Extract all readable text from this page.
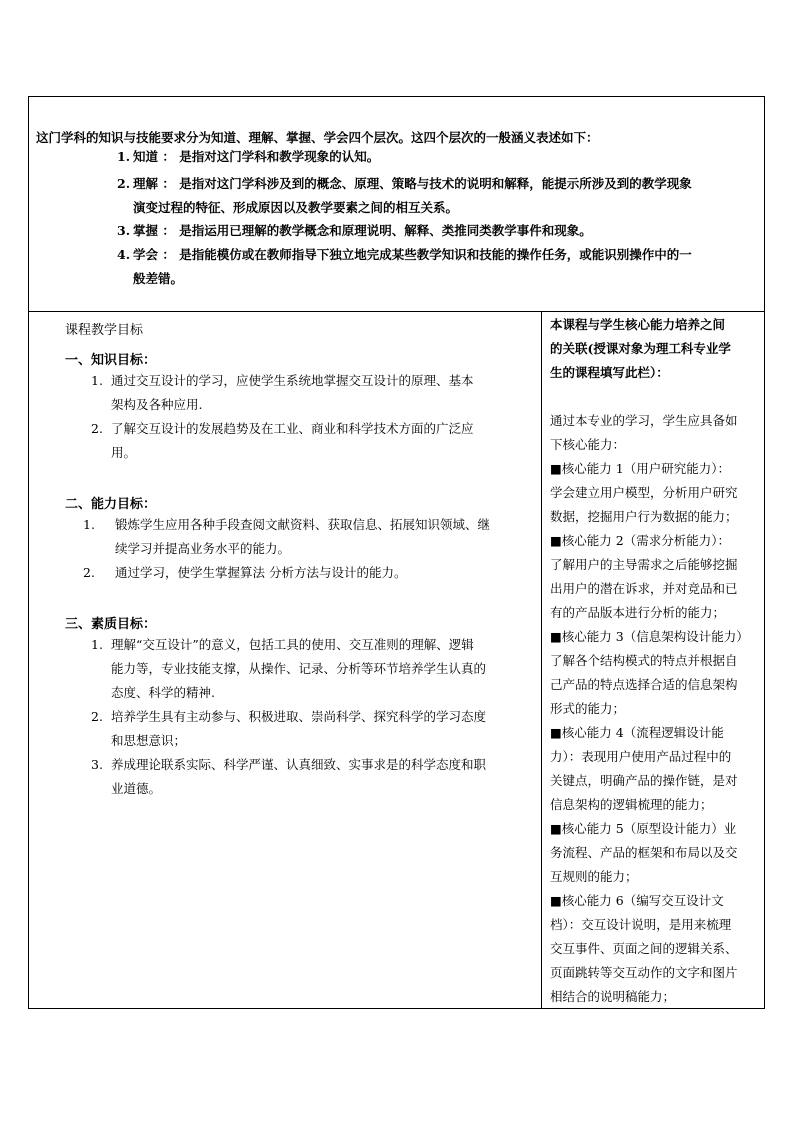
这门学科的知识与技能要求分为知道、理解、掌握、学会四个层次。这四个层次的一般涵义表述如下：
1. 知道 ： 是指对这门学科和教学现象的认知。
2. 理解 ： 是指对这门学科涉及到的概念、原理、策略与技术的说明和解释，能提示所涉及到的教学现象
演变过程的特征、形成原因以及教学要素之间的相互关系。
3. 掌握 ： 是指运用已理解的教学概念和原理说明、解释、类推同类教学事件和现象。
4. 学会 ： 是指能模仿或在教师指导下独立地完成某些教学知识和技能的操作任务，或能识别操作中的一
般差错。
课程教学目标
一、知识目标：
1. 通过交互设计的学习，应使学生系统地掌握交互设计的原理、基本
架构及各种应用.
2. 了解交互设计的发展趋势及在工业、商业和科学技术方面的广泛应
用。
二、能力目标：
1.	锻炼学生应用各种手段查阅文献资料、获取信息、拓展知识领域、继
续学习并提高业务水平的能力。
2.	通过学习，使学生掌握算法 分析方法与设计的能力。
三、素质目标：
1. 理解“交互设计”的意义，包括工具的使用、交互准则的理解、逻辑
能力等，专业技能支撑，从操作、记录、分析等环节培养学生认真的
态度、科学的精神.
2. 培养学生具有主动参与、积极进取、崇尚科学、探究科学的学习态度
和思想意识；
3. 养成理论联系实际、科学严谨、认真细致、实事求是的科学态度和职
业道德。
本课程与学生核心能力培养之间
的关联(授课对象为理工科专业学
生的课程填写此栏）：
通过本专业的学习，学生应具备如
下核心能力：
■核心能力 1（用户研究能力）：
学会建立用户模型，分析用户研究
数据，挖掘用户行为数据的能力；
■核心能力 2（需求分析能力）：
了解用户的主导需求之后能够挖掘
出用户的潜在诉求，并对竞品和已
有的产品版本进行分析的能力；
■核心能力 3（信息架构设计能力）
了解各个结构模式的特点并根据自
己产品的特点选择合适的信息架构
形式的能力；
■核心能力 4（流程逻辑设计能
力）：表现用户使用产品过程中的
关键点，明确产品的操作链，是对
信息架构的逻辑梳理的能力；
■核心能力 5（原型设计能力）业
务流程、产品的框架和布局以及交
互规则的能力；
■核心能力 6（编写交互设计文
档）：交互设计说明，是用来梳理
交互事件、页面之间的逻辑关系、
页面跳转等交互动作的文字和图片
相结合的说明稿能力；
